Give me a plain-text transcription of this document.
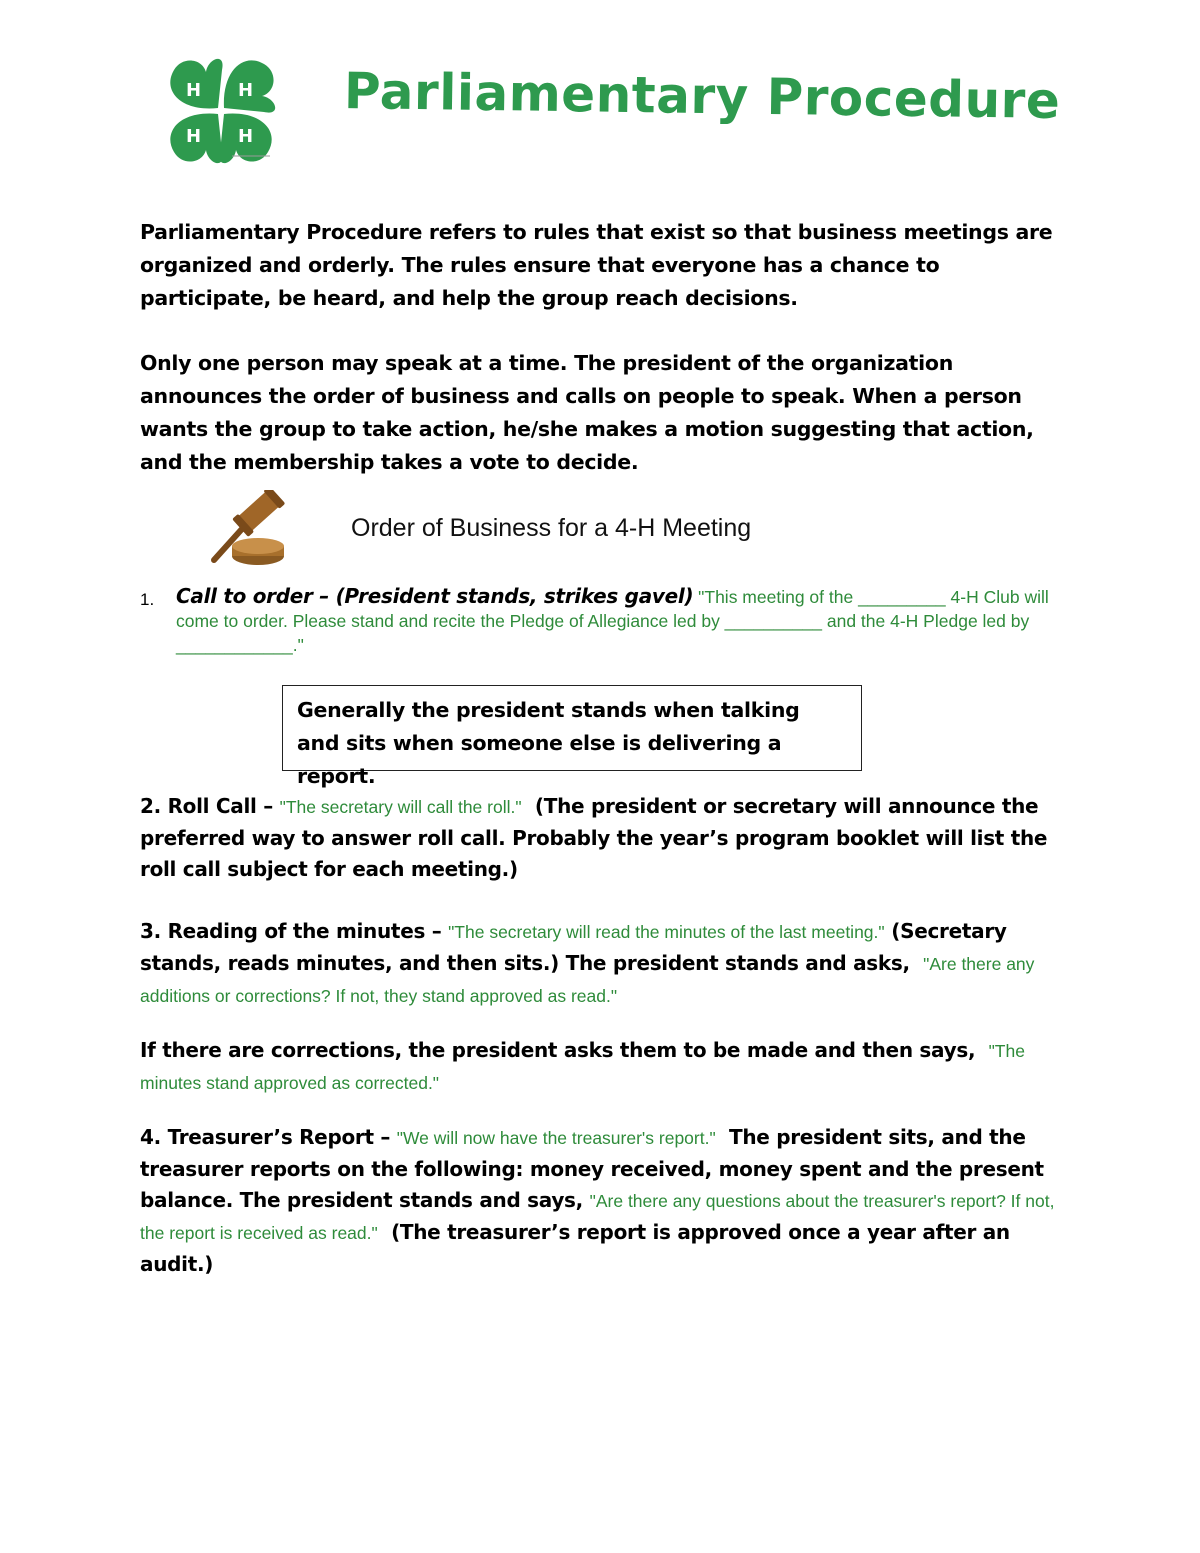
H H
H H
Parliamentary Procedure

Parliamentary Procedure refers to rules that exist so that business meetings are organized and orderly. The rules ensure that everyone has a chance to participate, be heard, and help the group reach decisions.

Only one person may speak at a time. The president of the organization announces the order of business and calls on people to speak. When a person wants the group to take action, he/she makes a motion suggesting that action, and the membership takes a vote to decide.

Order of Business for a 4-H Meeting
1. Call to order – (President stands, strikes gavel) "This meeting of the _________ 4-H Club will come to order. Please stand and recite the Pledge of Allegiance led by __________ and the 4-H Pledge led by ____________."
Generally the president stands when talking and sits when someone else is delivering a report.

2. Roll Call – "The secretary will call the roll." (The president or secretary will announce the preferred way to answer roll call. Probably the year’s program booklet will list the roll call subject for each meeting.)

3. Reading of the minutes – "The secretary will read the minutes of the last meeting." (Secretary stands, reads minutes, and then sits.) The president stands and asks, "Are there any additions or corrections? If not, they stand approved as read."

If there are corrections, the president asks them to be made and then says, "The minutes stand approved as corrected."

4. Treasurer’s Report – "We will now have the treasurer's report." The president sits, and the treasurer reports on the following: money received, money spent and the present balance. The president stands and says, "Are there any questions about the treasurer's report? If not, the report is received as read." (The treasurer’s report is approved once a year after an audit.)
